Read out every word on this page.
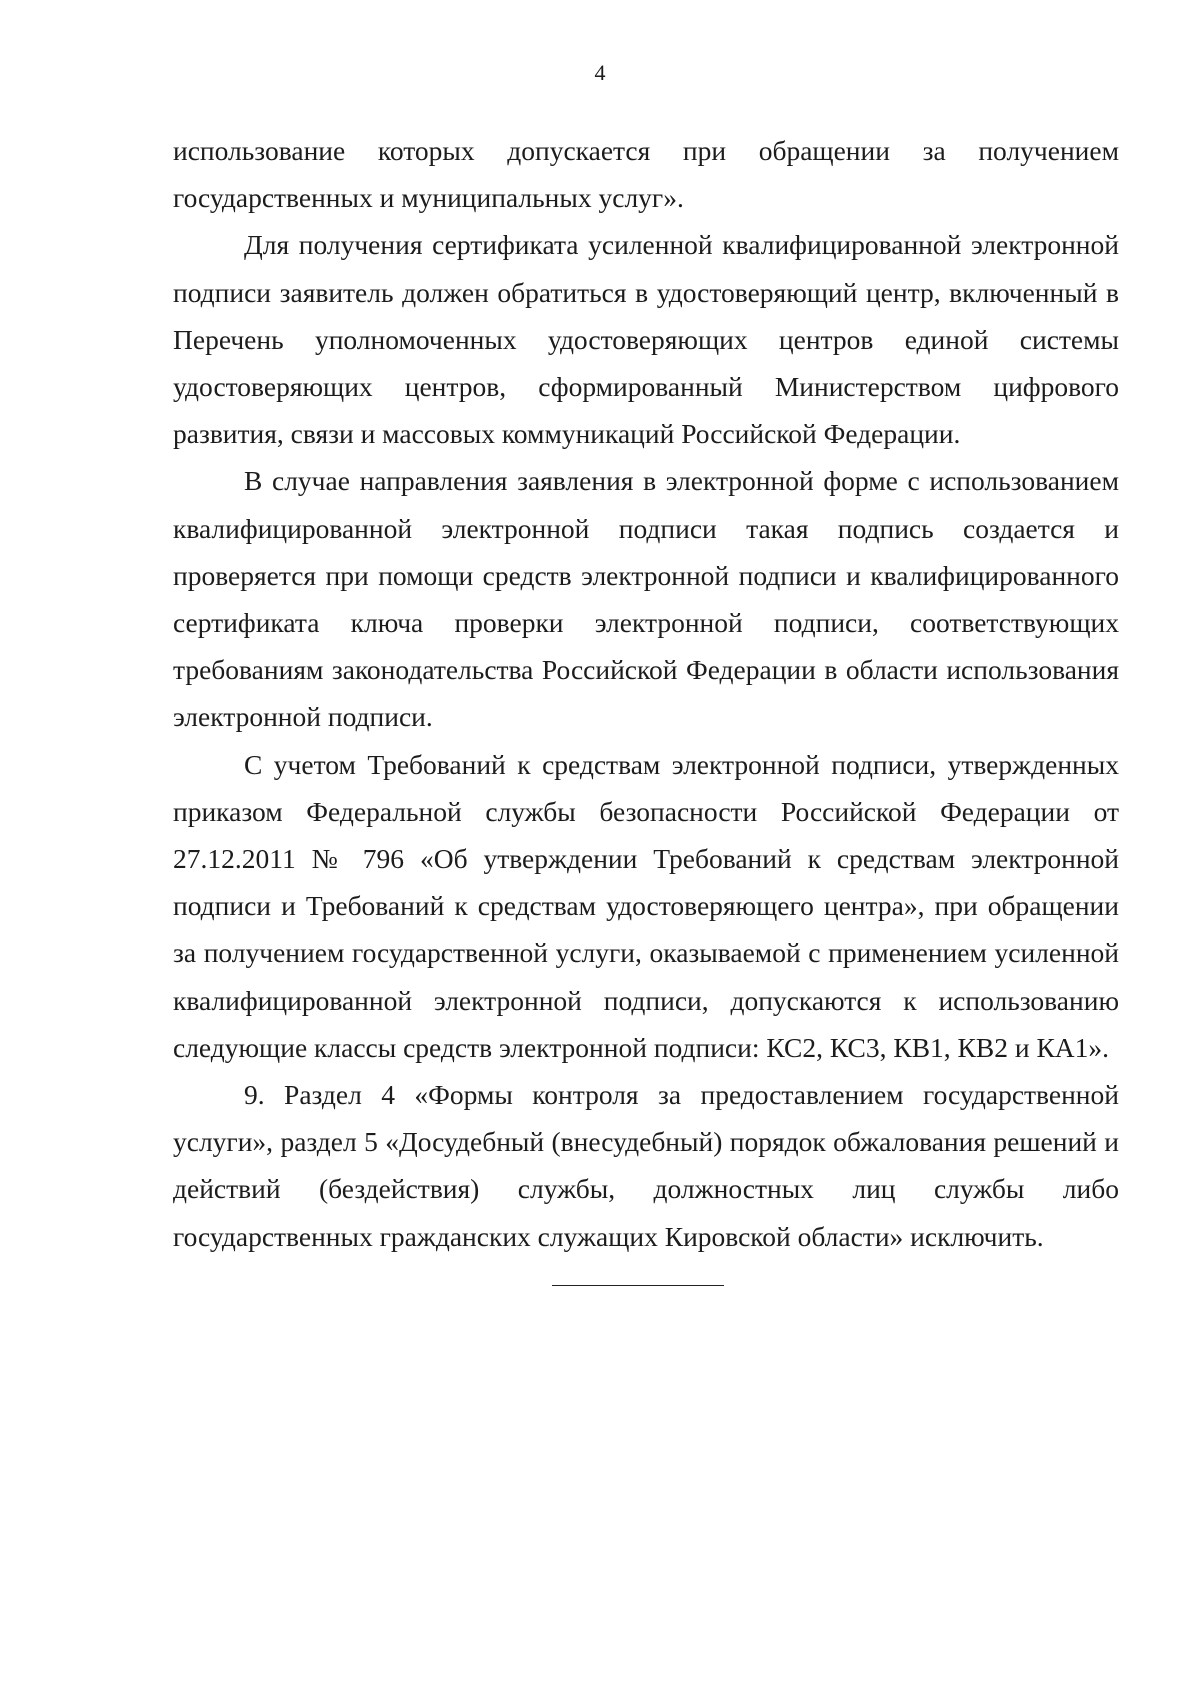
4

использование которых допускается при обращении за получением государственных и муниципальных услуг».

Для получения сертификата усиленной квалифицированной электронной подписи заявитель должен обратиться в удостоверяющий центр, включенный в Перечень уполномоченных удостоверяющих центров единой системы удостоверяющих центров, сформированный Министерством цифрового развития, связи и массовых коммуникаций Российской Федерации.

В случае направления заявления в электронной форме с использованием квалифицированной электронной подписи такая подпись создается и проверяется при помощи средств электронной подписи и квалифицированного сертификата ключа проверки электронной подписи, соответствующих требованиям законодательства Российской Федерации в области использования электронной подписи.

С учетом Требований к средствам электронной подписи, утвержденных приказом Федеральной службы безопасности Российской Федерации от 27.12.2011 № 796 «Об утверждении Требований к средствам электронной подписи и Требований к средствам удостоверяющего центра», при обращении за получением государственной услуги, оказываемой с применением усиленной квалифицированной электронной подписи, допускаются к использованию следующие классы средств электронной подписи: КС2, КС3, КВ1, КВ2 и КА1».

9. Раздел 4 «Формы контроля за предоставлением государственной услуги», раздел 5 «Досудебный (внесудебный) порядок обжалования решений и действий (бездействия) службы, должностных лиц службы либо государственных гражданских служащих Кировской области» исключить.
